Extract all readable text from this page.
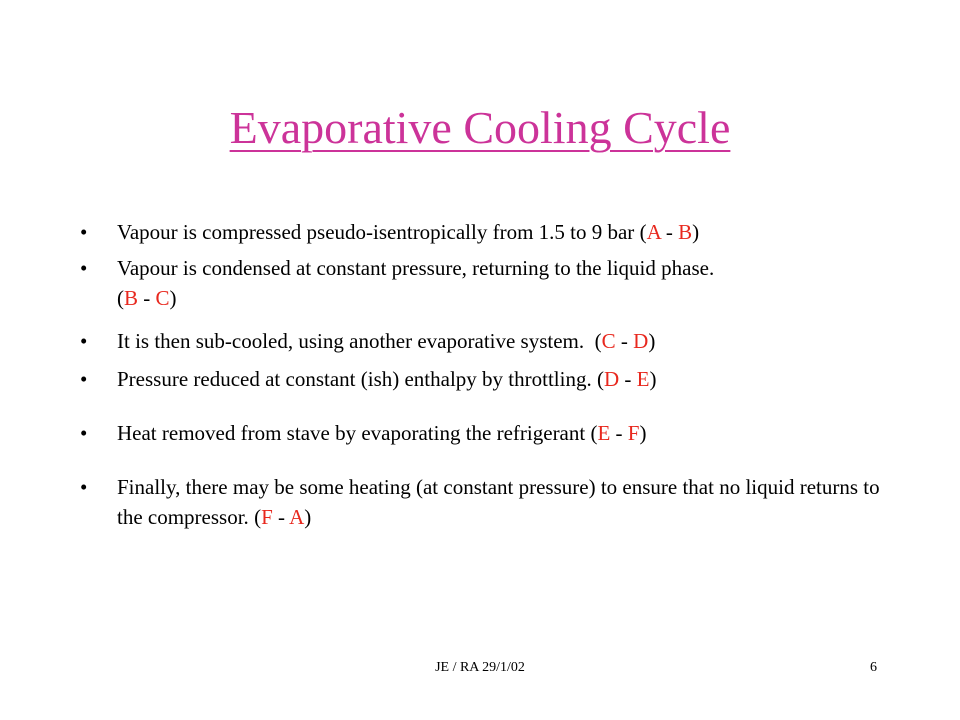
Evaporative Cooling Cycle
•	Vapour is compressed pseudo-isentropically from 1.5 to 9 bar (A - B)
•	Vapour is condensed at constant pressure, returning to the liquid phase.
(B - C)
•	It is then sub-cooled, using another evaporative system.  (C - D)
•	Pressure reduced at constant (ish) enthalpy by throttling. (D - E)
•	Heat removed from stave by evaporating the refrigerant (E - F)
•	Finally, there may be some heating (at constant pressure) to ensure that no liquid returns to the compressor. (F - A)
JE / RA 29/1/02	6
